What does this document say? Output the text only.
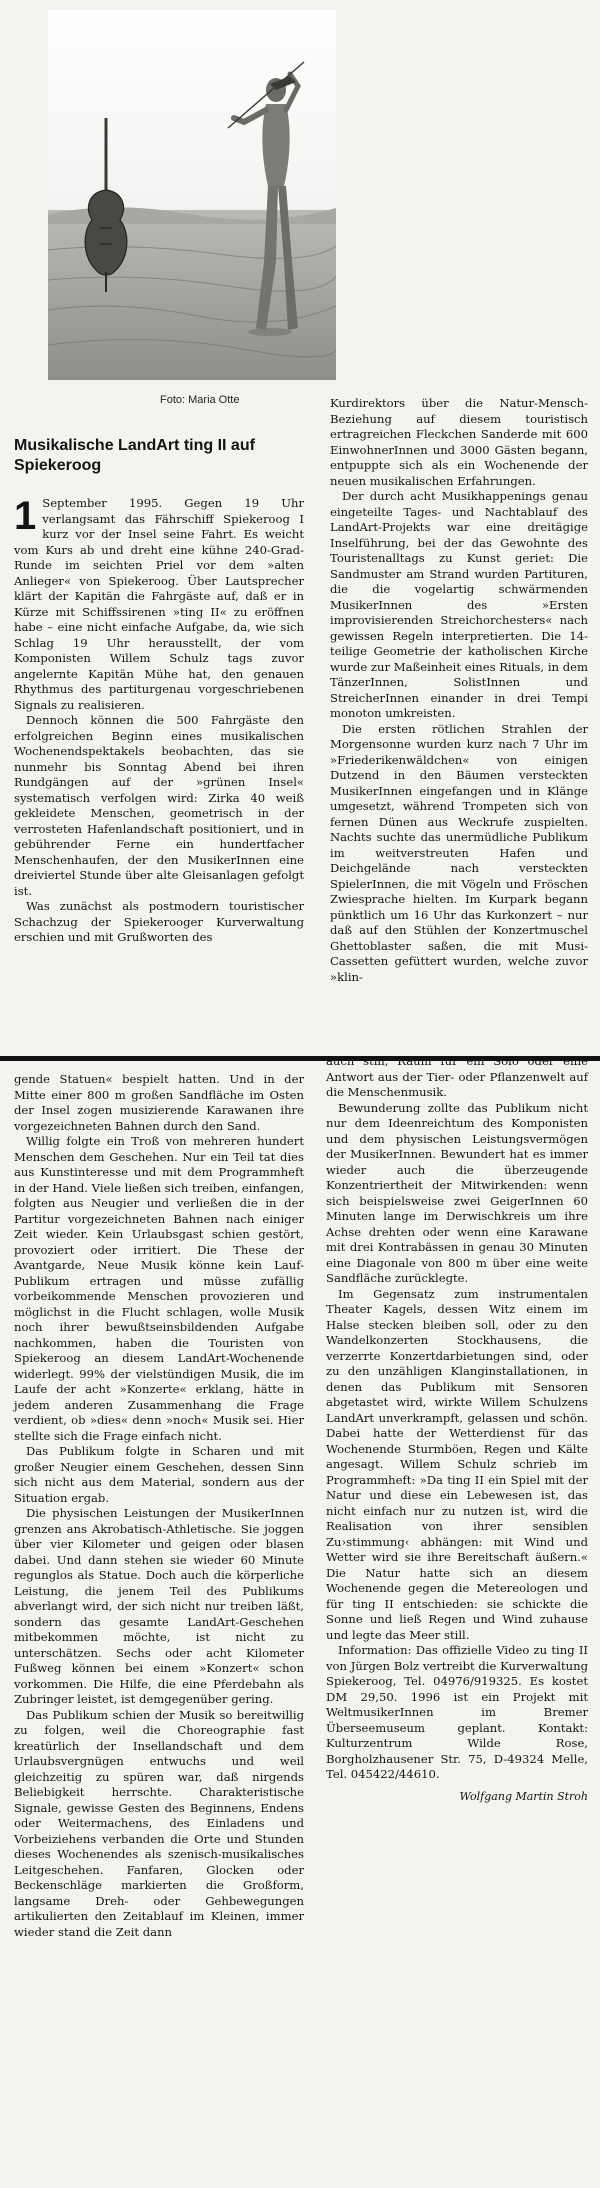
Foto: Maria Otte
Musikalische LandArt ting II auf Spiekeroog

1 September 1995. Gegen 19 Uhr verlangsamt das Fährschiff Spiekeroog I kurz vor der Insel seine Fahrt. Es weicht vom Kurs ab und dreht eine kühne 240-Grad-Runde im seichten Priel vor dem »alten Anlieger« von Spiekeroog. Über Lautsprecher klärt der Kapitän die Fahrgäste auf, daß er in Kürze mit Schiffssirenen »ting II« zu eröffnen habe – eine nicht einfache Aufgabe, da, wie sich Schlag 19 Uhr herausstellt, der vom Komponisten Willem Schulz tags zuvor angelernte Kapitän Mühe hat, den genauen Rhythmus des partiturgenau vorgeschriebenen Signals zu realisieren.

Dennoch können die 500 Fahrgäste den erfolgreichen Beginn eines musikalischen Wochenendspektakels beobachten, das sie nunmehr bis Sonntag Abend bei ihren Rundgängen auf der »grünen Insel« systematisch verfolgen wird: Zirka 40 weiß gekleidete Menschen, geometrisch in der verrosteten Hafenlandschaft positioniert, und in gebührender Ferne ein hundertfacher Menschenhaufen, der den MusikerInnen eine dreiviertel Stunde über alte Gleisanlagen gefolgt ist.

Was zunächst als postmodern touristischer Schachzug der Spiekerooger Kurverwaltung erschien und mit Grußworten des

Kurdirektors über die Natur-Mensch-Beziehung auf diesem touristisch ertragreichen Fleckchen Sanderde mit 600 EinwohnerInnen und 3000 Gästen begann, entpuppte sich als ein Wochenende der neuen musikalischen Erfahrungen.

Der durch acht Musikhappenings genau eingeteilte Tages- und Nachtablauf des LandArt-Projekts war eine dreitägige Inselführung, bei der das Gewohnte des Touristenalltags zu Kunst geriet: Die Sandmuster am Strand wurden Partituren, die die vogelartig schwärmenden MusikerInnen des »Ersten improvisierenden Streichorchesters« nach gewissen Regeln interpretierten. Die 14-teilige Geometrie der katholischen Kirche wurde zur Maßeinheit eines Rituals, in dem TänzerInnen, SolistInnen und StreicherInnen einander in drei Tempi monoton umkreisten.

Die ersten rötlichen Strahlen der Morgensonne wurden kurz nach 7 Uhr im »Friederikenwäldchen« von einigen Dutzend in den Bäumen versteckten MusikerInnen eingefangen und in Klänge umgesetzt, während Trompeten sich von fernen Dünen aus Weckrufe zuspielten. Nachts suchte das unermüdliche Publikum im weitverstreuten Hafen und Deichgelände nach versteckten SpielerInnen, die mit Vögeln und Fröschen Zwiesprache hielten. Im Kurpark begann pünktlich um 16 Uhr das Kurkonzert – nur daß auf den Stühlen der Konzertmuschel Ghettoblaster saßen, die mit Musi-Cassetten gefüttert wurden, welche zuvor »klin-

gende Statuen« bespielt hatten. Und in der Mitte einer 800 m großen Sandfläche im Osten der Insel zogen musizierende Karawanen ihre vorgezeichneten Bahnen durch den Sand.

Willig folgte ein Troß von mehreren hundert Menschen dem Geschehen. Nur ein Teil tat dies aus Kunstinteresse und mit dem Programmheft in der Hand. Viele ließen sich treiben, einfangen, folgten aus Neugier und verließen die in der Partitur vorgezeichneten Bahnen nach einiger Zeit wieder. Kein Urlaubsgast schien gestört, provoziert oder irritiert. Die These der Avantgarde, Neue Musik könne kein Lauf-Publikum ertragen und müsse zufällig vorbeikommende Menschen provozieren und möglichst in die Flucht schlagen, wolle Musik noch ihrer bewußtseinsbildenden Aufgabe nachkommen, haben die Touristen von Spiekeroog an diesem LandArt-Wochenende widerlegt. 99% der vielstündigen Musik, die im Laufe der acht »Konzerte« erklang, hätte in jedem anderen Zusammenhang die Frage verdient, ob »dies« denn »noch« Musik sei. Hier stellte sich die Frage einfach nicht.

Das Publikum folgte in Scharen und mit großer Neugier einem Geschehen, dessen Sinn sich nicht aus dem Material, sondern aus der Situation ergab.

Die physischen Leistungen der MusikerInnen grenzen ans Akrobatisch-Athletische. Sie joggen über vier Kilometer und geigen oder blasen dabei. Und dann stehen sie wieder 60 Minute regunglos als Statue. Doch auch die körperliche Leistung, die jenem Teil des Publikums abverlangt wird, der sich nicht nur treiben läßt, sondern das gesamte LandArt-Geschehen mitbekommen möchte, ist nicht zu unterschätzen. Sechs oder acht Kilometer Fußweg können bei einem »Konzert« schon vorkommen. Die Hilfe, die eine Pferdebahn als Zubringer leistet, ist demgegenüber gering.

Das Publikum schien der Musik so bereitwillig zu folgen, weil die Choreographie fast kreatürlich der Insellandschaft und dem Urlaubsvergnügen entwuchs und weil gleichzeitig zu spüren war, daß nirgends Beliebigkeit herrschte. Charakteristische Signale, gewisse Gesten des Beginnens, Endens oder Weitermachens, des Einladens und Vorbeiziehens verbanden die Orte und Stunden dieses Wochenendes als szenisch-musikalisches Leitgeschehen. Fanfaren, Glocken oder Beckenschläge markierten die Großform, langsame Dreh- oder Gehbewegungen artikulierten den Zeitablauf im Kleinen, immer wieder stand die Zeit dann

auch still, Raum für ein Solo oder eine Antwort aus der Tier- oder Pflanzenwelt auf die Menschenmusik.

Bewunderung zollte das Publikum nicht nur dem Ideenreichtum des Komponisten und dem physischen Leistungsvermögen der MusikerInnen. Bewundert hat es immer wieder auch die überzeugende Konzentriertheit der Mitwirkenden: wenn sich beispielsweise zwei GeigerInnen 60 Minuten lange im Derwischkreis um ihre Achse drehten oder wenn eine Karawane mit drei Kontrabässen in genau 30 Minuten eine Diagonale von 800 m über eine weite Sandfläche zurücklegte.

Im Gegensatz zum instrumentalen Theater Kagels, dessen Witz einem im Halse stecken bleiben soll, oder zu den Wandelkonzerten Stockhausens, die verzerrte Konzertdarbietungen sind, oder zu den unzähligen Klanginstallationen, in denen das Publikum mit Sensoren abgetastet wird, wirkte Willem Schulzens LandArt unverkrampft, gelassen und schön. Dabei hatte der Wetterdienst für das Wochenende Sturmböen, Regen und Kälte angesagt. Willem Schulz schrieb im Programmheft: »Da ting II ein Spiel mit der Natur und diese ein Lebewesen ist, das nicht einfach nur zu nutzen ist, wird die Realisation von ihrer sensiblen Zu›stimmung‹ abhängen: mit Wind und Wetter wird sie ihre Bereitschaft äußern.« Die Natur hatte sich an diesem Wochenende gegen die Metereologen und für ting II entschieden: sie schickte die Sonne und ließ Regen und Wind zuhause und legte das Meer still.

Information: Das offizielle Video zu ting II von Jürgen Bolz vertreibt die Kurverwaltung Spiekeroog, Tel. 04976/919325. Es kostet DM 29,50. 1996 ist ein Projekt mit WeltmusikerInnen im Bremer Überseemuseum geplant. Kontakt: Kulturzentrum Wilde Rose, Borgholzhausener Str. 75, D-49324 Melle, Tel. 045422/44610.

Wolfgang Martin Stroh
